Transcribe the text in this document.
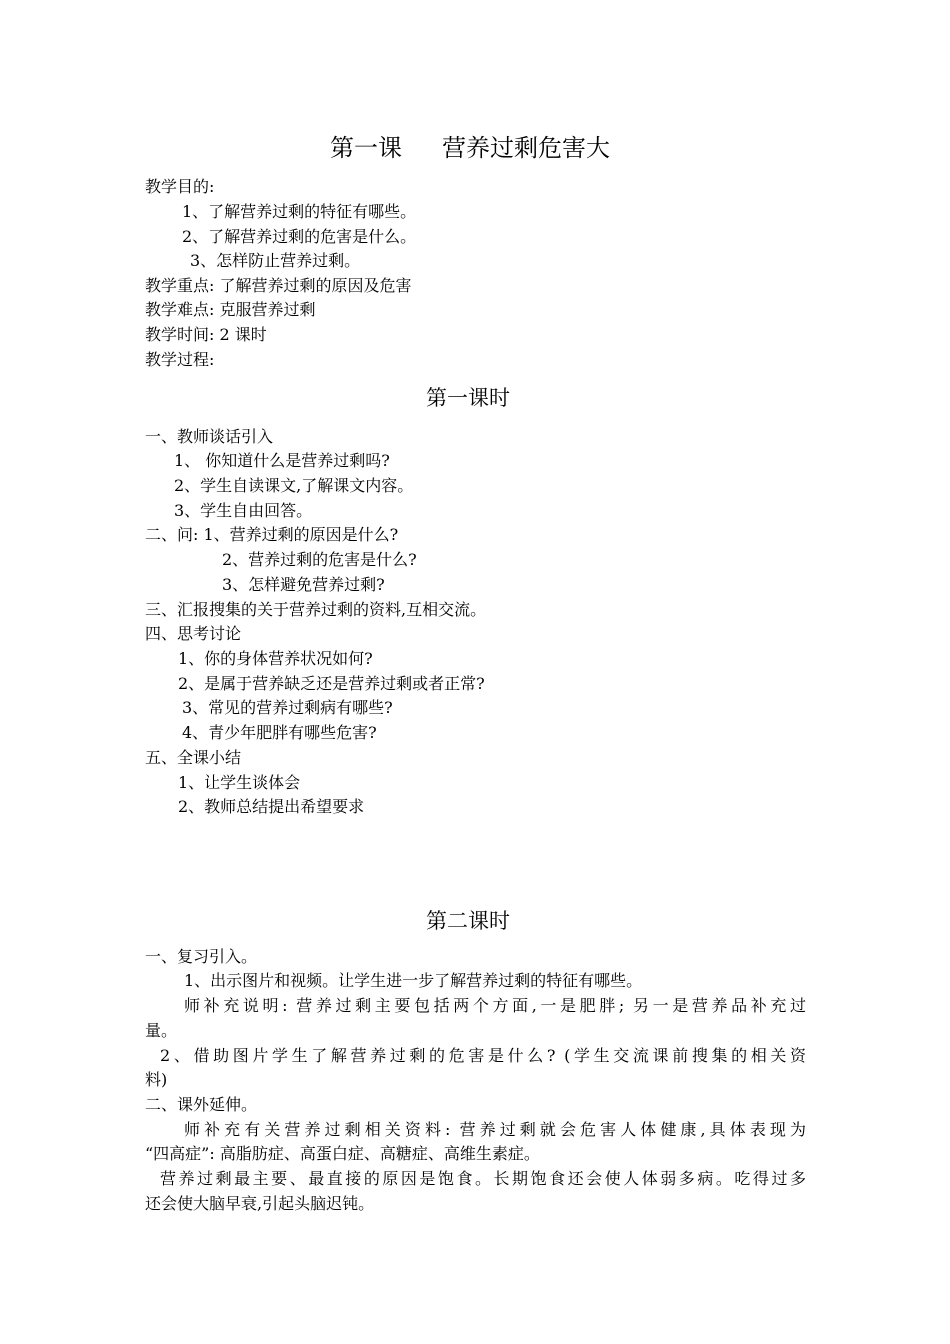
第一课 营养过剩危害大
教学目的:
1、了解营养过剩的特征有哪些。
2、了解营养过剩的危害是什么。
3、怎样防止营养过剩。
教学重点: 了解营养过剩的原因及危害
教学难点: 克服营养过剩
教学时间: 2 课时
教学过程:
第一课时
一、教师谈话引入
1、 你知道什么是营养过剩吗?
2、学生自读课文,了解课文内容。
3、学生自由回答。
二、问: 1、营养过剩的原因是什么?
2、营养过剩的危害是什么?
3、怎样避免营养过剩?
三、汇报搜集的关于营养过剩的资料,互相交流。
四、思考讨论
1、你的身体营养状况如何?
2、是属于营养缺乏还是营养过剩或者正常?
3、常见的营养过剩病有哪些?
4、青少年肥胖有哪些危害?
五、全课小结
1、让学生谈体会
2、教师总结提出希望要求
第二课时
一、复习引入。
1、出示图片和视频。让学生进一步了解营养过剩的特征有哪些。
师补充说明: 营养过剩主要包括两个方面,一是肥胖; 另一是营养品补充过
量。
2、借助图片学生了解营养过剩的危害是什么? (学生交流课前搜集的相关资
料)
二、课外延伸。
师补充有关营养过剩相关资料: 营养过剩就会危害人体健康,具体表现为
“四高症”: 高脂肪症、高蛋白症、高糖症、高维生素症。
营养过剩最主要、最直接的原因是饱食。长期饱食还会使人体弱多病。吃得过多
还会使大脑早衰,引起头脑迟钝。
